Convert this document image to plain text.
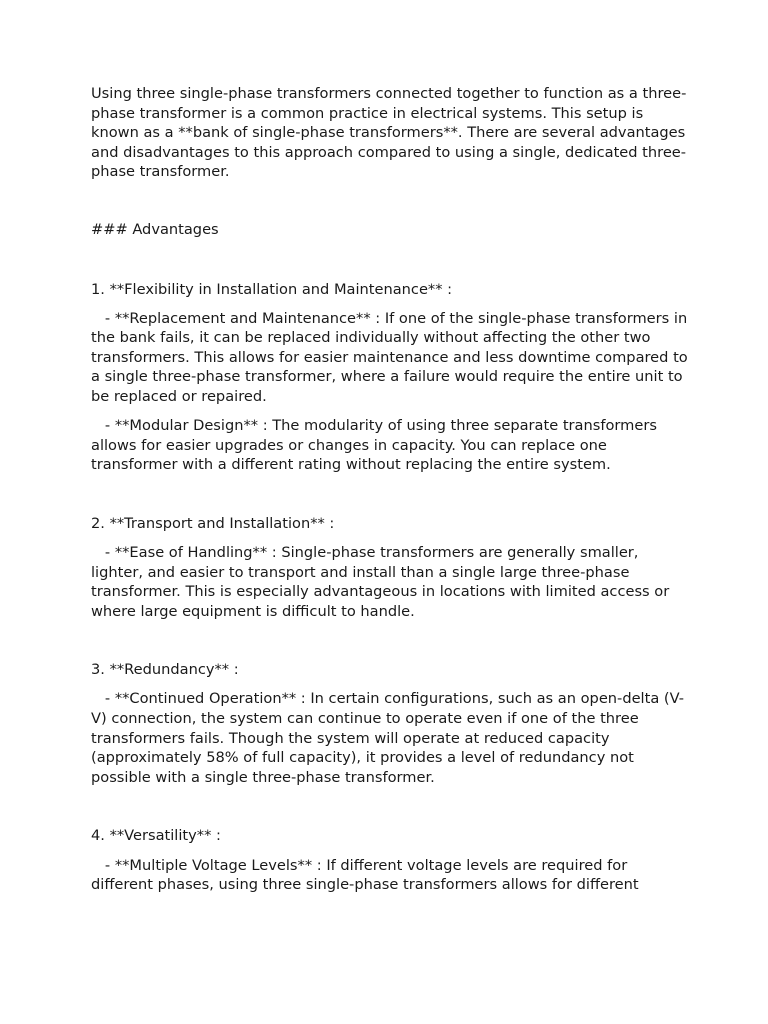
Using three single-phase transformers connected together to function as a three-phase transformer is a common practice in electrical systems. This setup is known as a **bank of single-phase transformers**. There are several advantages and disadvantages to this approach compared to using a single, dedicated three-phase transformer.

### Advantages

1. **Flexibility in Installation and Maintenance** :

- **Replacement and Maintenance** : If one of the single-phase transformers in the bank fails, it can be replaced individually without affecting the other two transformers. This allows for easier maintenance and less downtime compared to a single three-phase transformer, where a failure would require the entire unit to be replaced or repaired.

- **Modular Design** : The modularity of using three separate transformers allows for easier upgrades or changes in capacity. You can replace one transformer with a different rating without replacing the entire system.

2. **Transport and Installation** :

- **Ease of Handling** : Single-phase transformers are generally smaller, lighter, and easier to transport and install than a single large three-phase transformer. This is especially advantageous in locations with limited access or where large equipment is difficult to handle.

3. **Redundancy** :

- **Continued Operation** : In certain configurations, such as an open-delta (V-V) connection, the system can continue to operate even if one of the three transformers fails. Though the system will operate at reduced capacity (approximately 58% of full capacity), it provides a level of redundancy not possible with a single three-phase transformer.

4. **Versatility** :

- **Multiple Voltage Levels** : If different voltage levels are required for different phases, using three single-phase transformers allows for different
